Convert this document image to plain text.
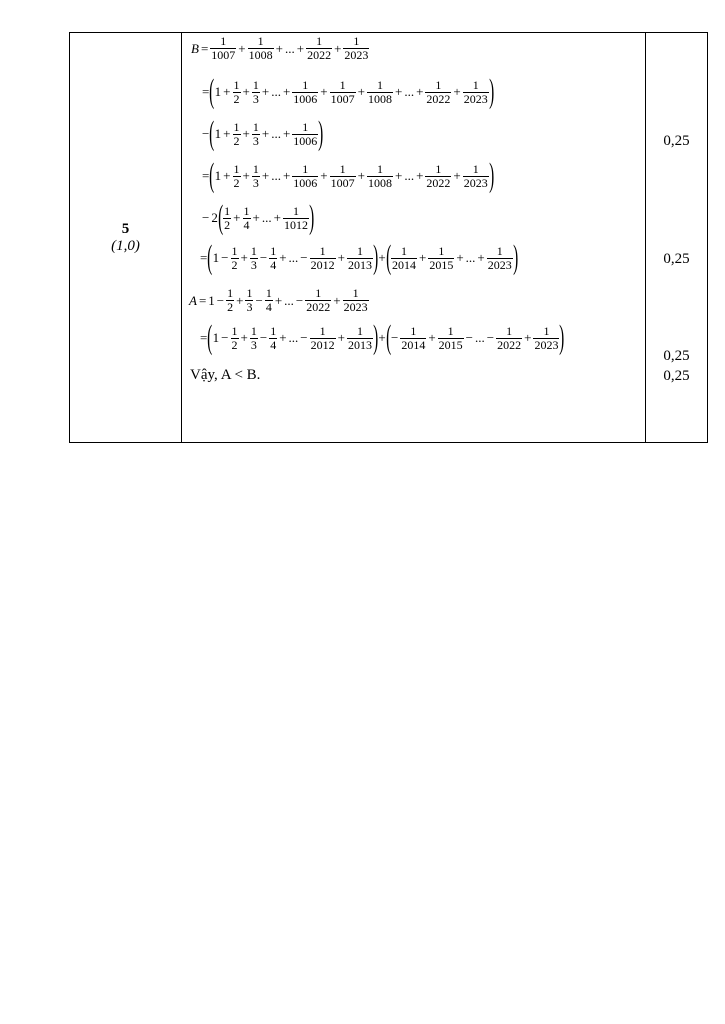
5
(1,0)

$B = \frac{1}{1007} + \frac{1}{1008}$ + ... + $\frac{1}{2022} + \frac{1}{2023}$
= ( $1 + \frac{1}{2} + \frac{1}{3}$ + ... + $\frac{1}{1006} + \frac{1}{1007} + \frac{1}{1008}$ + ... + $\frac{1}{2022} + \frac{1}{2023}$ )
− ( $1 + \frac{1}{2} + \frac{1}{3}$ + ... + $\frac{1}{1006}$ )
= ( $1 + \frac{1}{2} + \frac{1}{3}$ + ... + $\frac{1}{1006} + \frac{1}{1007} + \frac{1}{1008}$ + ... + $\frac{1}{2022} + \frac{1}{2023}$ )
− 2 ( $\frac{1}{2} + \frac{1}{4}$ + ... + $\frac{1}{1012}$ )
= ( $1 - \frac{1}{2} + \frac{1}{3} - \frac{1}{4}$ + ... − $\frac{1}{2012} + \frac{1}{2013}$ ) + ( $\frac{1}{2014} + \frac{1}{2015}$ + ... + $\frac{1}{2023}$ )
$A = 1 - \frac{1}{2} + \frac{1}{3} - \frac{1}{4}$ + ... − $\frac{1}{2022} + \frac{1}{2023}$
= ( $1 - \frac{1}{2} + \frac{1}{3} - \frac{1}{4}$ + ... − $\frac{1}{2012} + \frac{1}{2013}$ ) + ( − $\frac{1}{2014} + \frac{1}{2015}$ − ... − $\frac{1}{2022} + \frac{1}{2023}$ )
Vậy, A < B.

0,25
0,25
0,25
0,25
